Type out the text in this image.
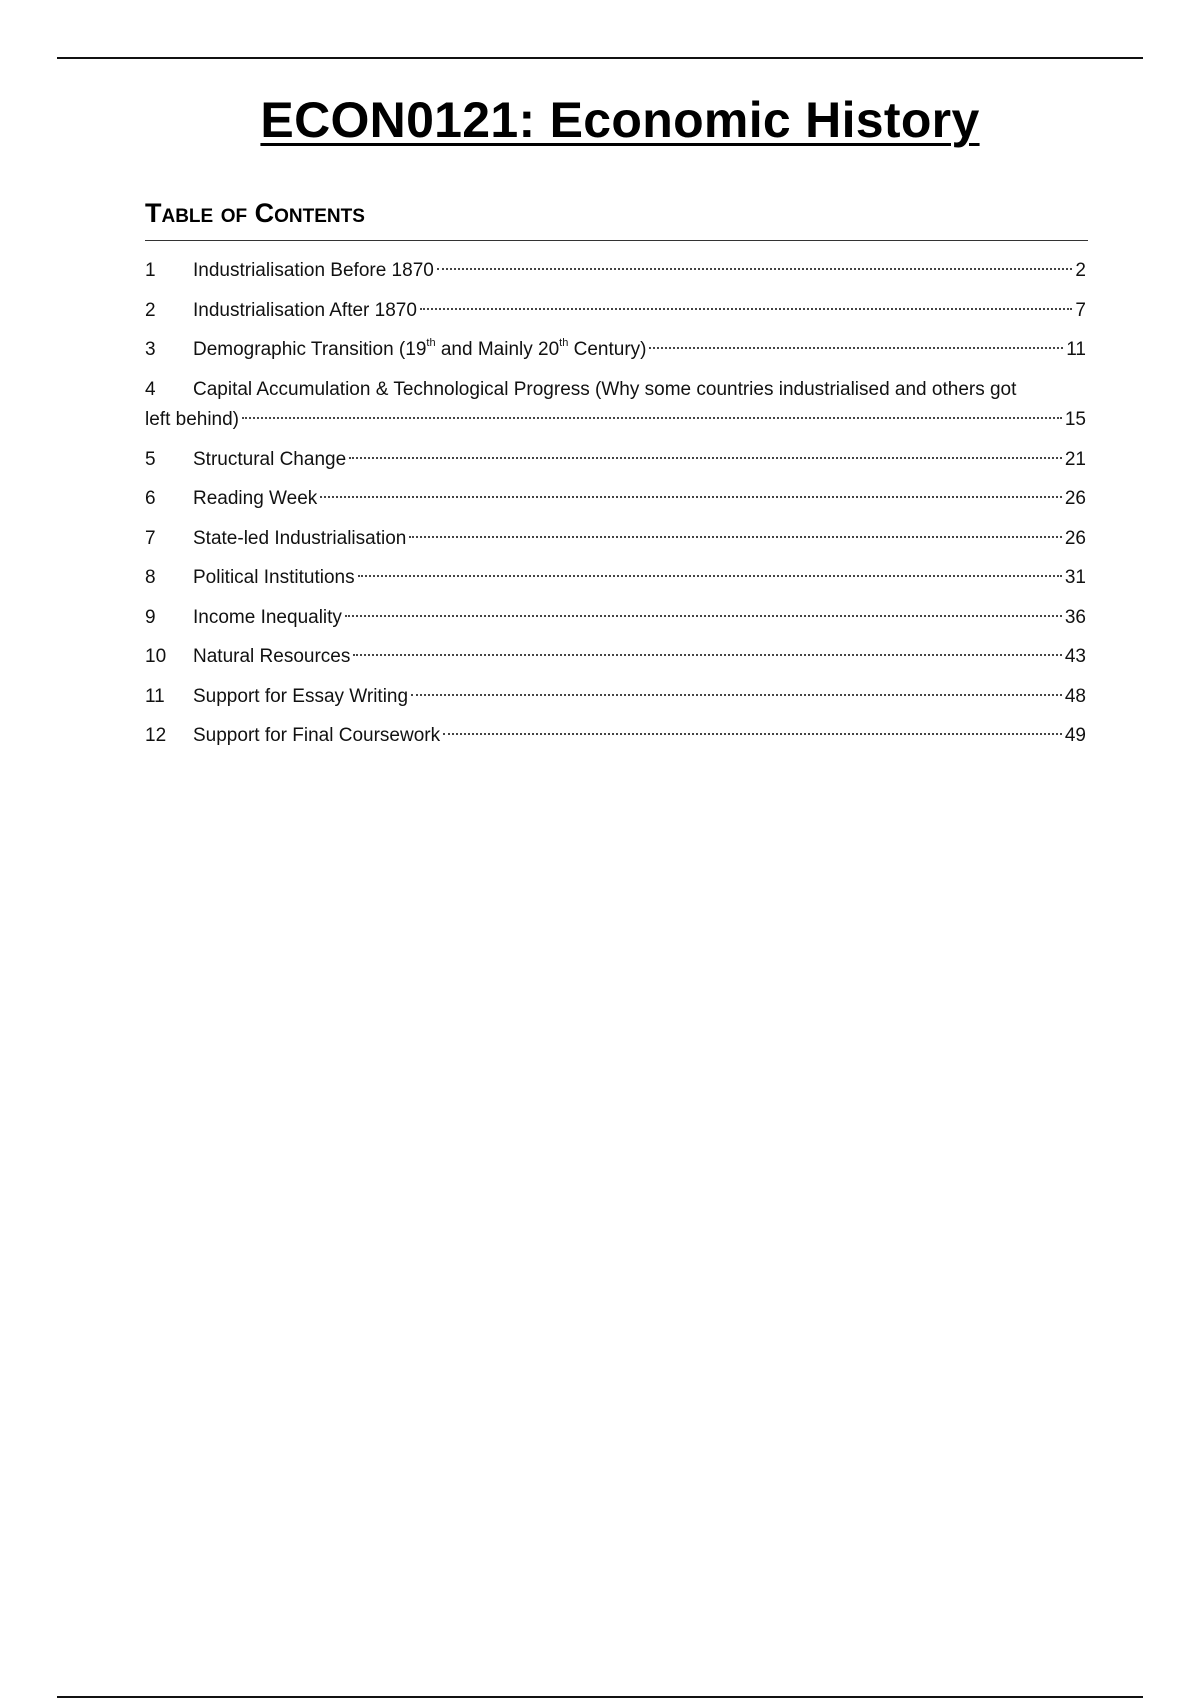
ECON0121: Economic History
Table of Contents
1	Industrialisation Before 1870	2
2	Industrialisation After 1870	7
3	Demographic Transition (19th and Mainly 20th Century)	11
4	Capital Accumulation & Technological Progress (Why some countries industrialised and others got
left behind)	15
5	Structural Change	21
6	Reading Week	26
7	State-led Industrialisation	26
8	Political Institutions	31
9	Income Inequality	36
10	Natural Resources	43
11	Support for Essay Writing	48
12	Support for Final Coursework	49
